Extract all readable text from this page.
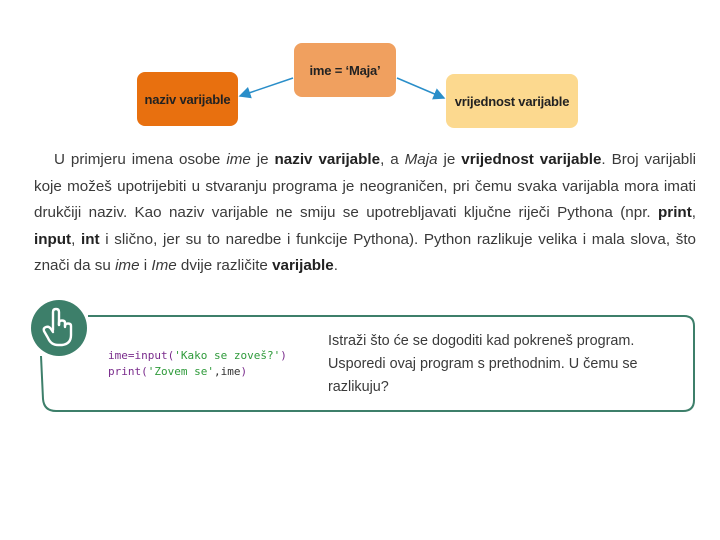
ime = ‘Maja’
naziv varijable	vrijednost varijable

U primjeru imena osobe ime je naziv varijable, a Maja je vrijednost varijable. Broj varijabli koje možeš upotrijebiti u stvaranju programa je neograničen, pri čemu svaka varijabla mora imati drukčiji naziv. Kao naziv varijable ne smiju se upotrebljavati ključne riječi Pythona (npr. print, input, int i slično, jer su to naredbe i funkcije Pythona). Python razlikuje velika i mala slova, što znači da su ime i Ime dvije različite varijable.

ime=input('Kako se zoveš?')
print('Zovem se',ime)

Istraži što će se dogoditi kad pokreneš program. Usporedi ovaj program s prethodnim. U čemu se razlikuju?
